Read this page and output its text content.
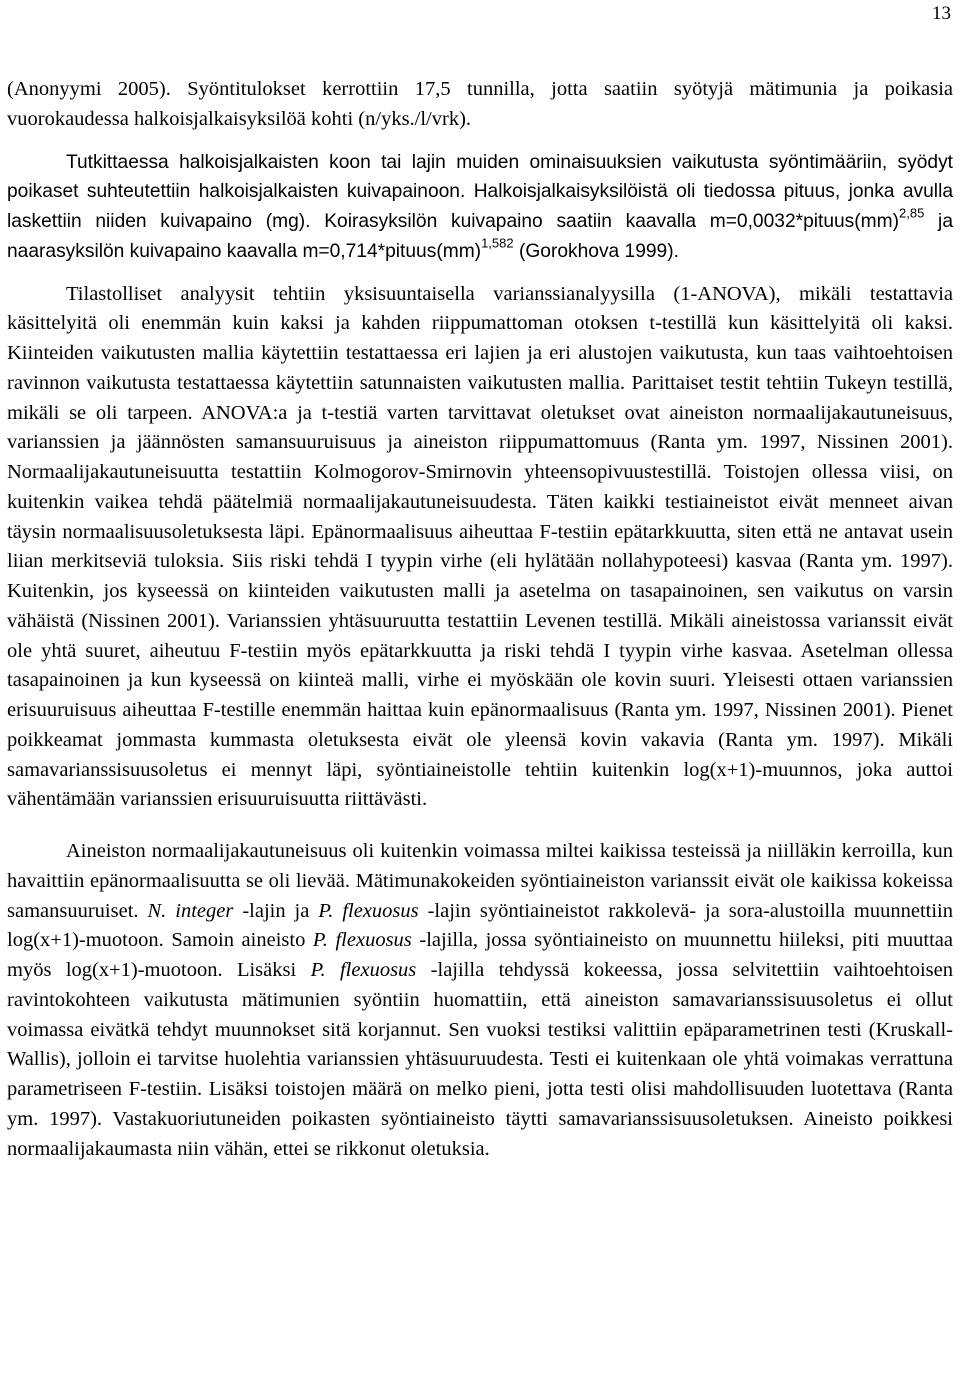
13

(Anonyymi 2005). Syöntitulokset kerrottiin 17,5 tunnilla, jotta saatiin syötyjä mätimunia ja poikasia vuorokaudessa halkoisjalkaisyksilöä kohti (n/yks./l/vrk).

Tutkittaessa halkoisjalkaisten koon tai lajin muiden ominaisuuksien vaikutusta syöntimääriin, syödyt poikaset suhteutettiin halkoisjalkaisten kuivapainoon. Halkoisjalkaisyksilöistä oli tiedossa pituus, jonka avulla laskettiin niiden kuivapaino (mg). Koirasyksilön kuivapaino saatiin kaavalla m=0,0032*pituus(mm)$^{2,85}$ ja naarasyksilön kuivapaino kaavalla m=0,714*pituus(mm)$^{1,582}$ (Gorokhova 1999).

Tilastolliset analyysit tehtiin yksisuuntaisella varianssianalyysilla (1-ANOVA), mikäli testattavia käsittelyitä oli enemmän kuin kaksi ja kahden riippumattoman otoksen t-testillä kun käsittelyitä oli kaksi. Kiinteiden vaikutusten mallia käytettiin testattaessa eri lajien ja eri alustojen vaikutusta, kun taas vaihtoehtoisen ravinnon vaikutusta testattaessa käytettiin satunnaisten vaikutusten mallia. Parittaiset testit tehtiin Tukeyn testillä, mikäli se oli tarpeen. ANOVA:a ja t-testiä varten tarvittavat oletukset ovat aineiston normaalijakautuneisuus, varianssien ja jäännösten samansuuruisuus ja aineiston riippumattomuus (Ranta ym. 1997, Nissinen 2001). Normaalijakautuneisuutta testattiin Kolmogorov-Smirnovin yhteensopivuustestillä. Toistojen ollessa viisi, on kuitenkin vaikea tehdä päätelmiä normaalijakautuneisuudesta. Täten kaikki testiaineistot eivät menneet aivan täysin normaalisuusoletuksesta läpi. Epänormaalisuus aiheuttaa F-testiin epätarkkuutta, siten että ne antavat usein liian merkitseviä tuloksia. Siis riski tehdä I tyypin virhe (eli hylätään nollahypoteesi) kasvaa (Ranta ym. 1997). Kuitenkin, jos kyseessä on kiinteiden vaikutusten malli ja asetelma on tasapainoinen, sen vaikutus on varsin vähäistä (Nissinen 2001). Varianssien yhtäsuuruutta testattiin Levenen testillä. Mikäli aineistossa varianssit eivät ole yhtä suuret, aiheutuu F-testiin myös epätarkkuutta ja riski tehdä I tyypin virhe kasvaa. Asetelman ollessa tasapainoinen ja kun kyseessä on kiinteä malli, virhe ei myöskään ole kovin suuri. Yleisesti ottaen varianssien erisuuruisuus aiheuttaa F-testille enemmän haittaa kuin epänormaalisuus (Ranta ym. 1997, Nissinen 2001). Pienet poikkeamat jommasta kummasta oletuksesta eivät ole yleensä kovin vakavia (Ranta ym. 1997). Mikäli samavarianssisuusoletus ei mennyt läpi, syöntiaineistolle tehtiin kuitenkin log(x+1)-muunnos, joka auttoi vähentämään varianssien erisuuruisuutta riittävästi.

Aineiston normaalijakautuneisuus oli kuitenkin voimassa miltei kaikissa testeissä ja niilläkin kerroilla, kun havaittiin epänormaalisuutta se oli lievää. Mätimunakokeiden syöntiaineiston varianssit eivät ole kaikissa kokeissa samansuuruiset. N. integer -lajin ja P. flexuosus -lajin syöntiaineistot rakkolevä- ja sora-alustoilla muunnettiin log(x+1)-muotoon. Samoin aineisto P. flexuosus -lajilla, jossa syöntiaineisto on muunnettu hiileksi, piti muuttaa myös log(x+1)-muotoon. Lisäksi P. flexuosus -lajilla tehdyssä kokeessa, jossa selvitettiin vaihtoehtoisen ravintokohteen vaikutusta mätimunien syöntiin huomattiin, että aineiston samavarianssisuusoletus ei ollut voimassa eivätkä tehdyt muunnokset sitä korjannut. Sen vuoksi testiksi valittiin epäparametrinen testi (Kruskall-Wallis), jolloin ei tarvitse huolehtia varianssien yhtäsuuruudesta. Testi ei kuitenkaan ole yhtä voimakas verrattuna parametriseen F-testiin. Lisäksi toistojen määrä on melko pieni, jotta testi olisi mahdollisuuden luotettava (Ranta ym. 1997). Vastakuoriutuneiden poikasten syöntiaineisto täytti samavarianssisuusoletuksen. Aineisto poikkesi normaalijakaumasta niin vähän, ettei se rikkonut oletuksia.
